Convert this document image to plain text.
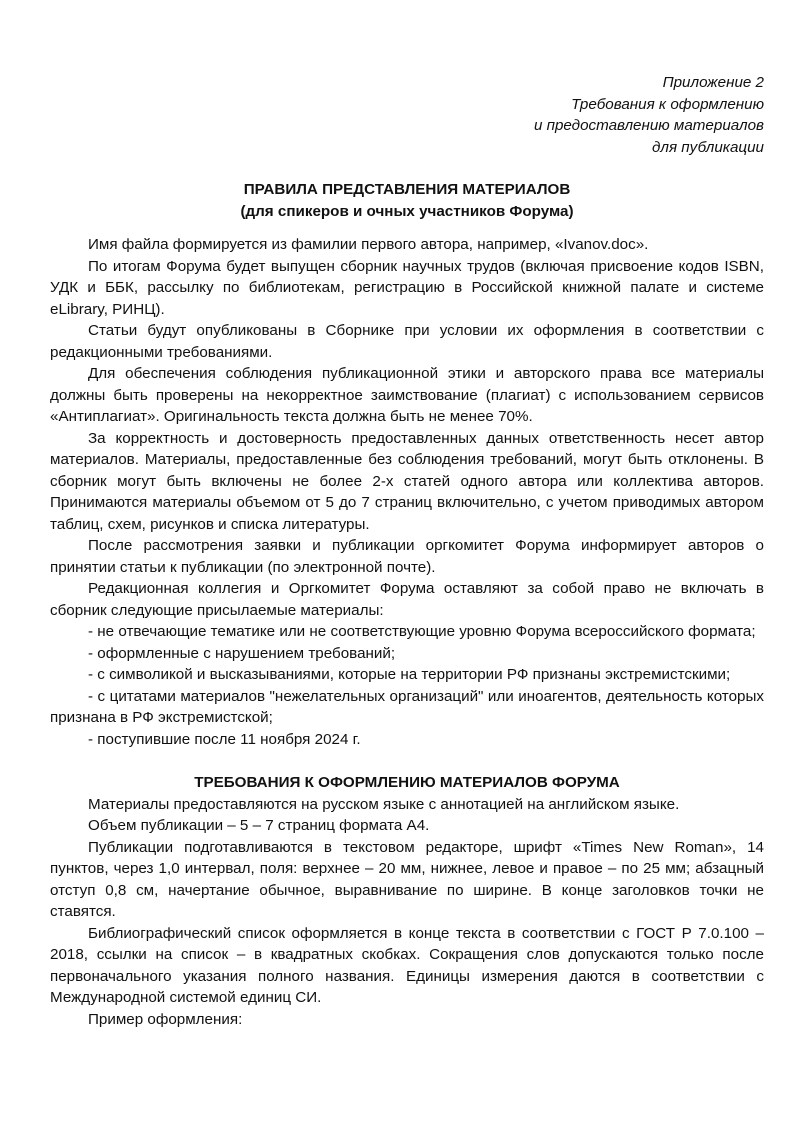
Приложение 2

Требования к оформлению

и предоставлению материалов

для публикации

ПРАВИЛА ПРЕДСТАВЛЕНИЯ МАТЕРИАЛОВ

(для спикеров и очных участников Форума)

Имя файла формируется из фамилии первого автора, например, «Ivanov.doc».

По итогам Форума будет выпущен сборник научных трудов (включая присвоение кодов ISBN, УДК и ББК, рассылку по библиотекам, регистрацию в Российской книжной палате и системе eLibrary, РИНЦ).

Статьи будут опубликованы в Сборнике при условии их оформления в соответствии с редакционными требованиями.

Для обеспечения соблюдения публикационной этики и авторского права все материалы должны быть проверены на некорректное заимствование (плагиат) с использованием сервисов «Антиплагиат». Оригинальность текста должна быть не менее 70%.

За корректность и достоверность предоставленных данных ответственность несет автор материалов. Материалы, предоставленные без соблюдения требований, могут быть отклонены. В сборник могут быть включены не более 2-х статей одного автора или коллектива авторов. Принимаются материалы объемом от 5 до 7 страниц включительно, с учетом приводимых автором таблиц, схем, рисунков и списка литературы.

После рассмотрения заявки и публикации оргкомитет Форума информирует авторов о принятии статьи к публикации (по электронной почте).

Редакционная коллегия и Оргкомитет Форума оставляют за собой право не включать в сборник следующие присылаемые материалы:

- не отвечающие тематике или не соответствующие уровню Форума всероссийского формата;

- оформленные с нарушением требований;

- с символикой и высказываниями, которые на территории РФ признаны экстремистскими;

- с цитатами материалов "нежелательных организаций" или иноагентов, деятельность которых признана в РФ экстремистской;

- поступившие после 11 ноября 2024 г.

ТРЕБОВАНИЯ К ОФОРМЛЕНИЮ МАТЕРИАЛОВ ФОРУМА

Материалы предоставляются на русском языке с аннотацией на английском языке.

Объем публикации – 5 – 7 страниц формата А4.

Публикации подготавливаются в текстовом редакторе, шрифт «Times New Roman», 14 пунктов, через 1,0 интервал, поля: верхнее – 20 мм, нижнее, левое и правое – по 25 мм; абзацный отступ 0,8 см, начертание обычное, выравнивание по ширине. В конце заголовков точки не ставятся.

Библиографический список оформляется в конце текста в соответствии с ГОСТ Р 7.0.100 – 2018, ссылки на список – в квадратных скобках. Сокращения слов допускаются только после первоначального указания полного названия. Единицы измерения даются в соответствии с Международной системой единиц СИ.

Пример оформления:
